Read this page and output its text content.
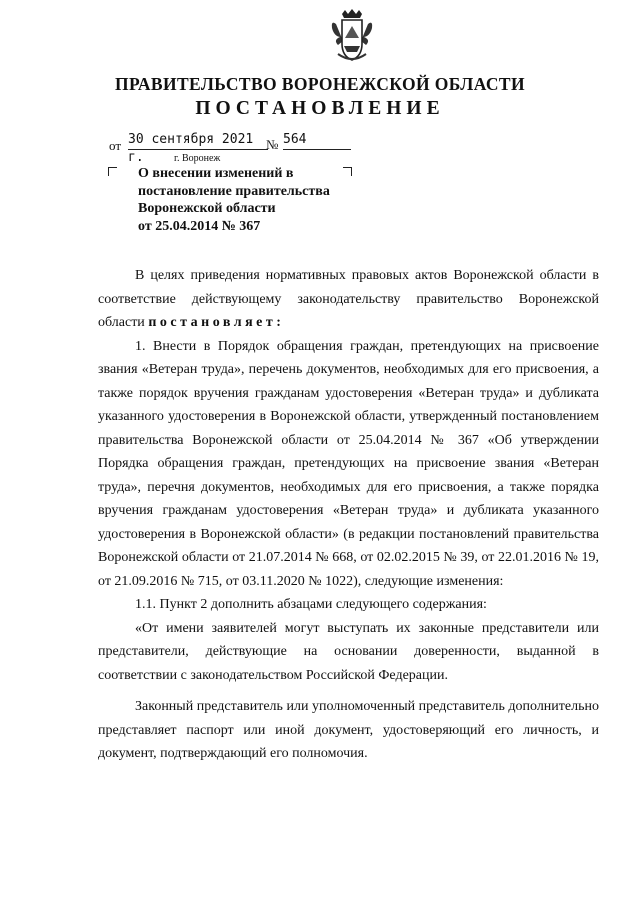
ПРАВИТЕЛЬСТВО ВОРОНЕЖСКОЙ ОБЛАСТИ
ПОСТАНОВЛЕНИЕ
от 30 сентября 2021 г.
№ 564
г. Воронеж
О внесении изменений в
постановление правительства
Воронежской области
от 25.04.2014 № 367

В целях приведения нормативных правовых актов Воронежской области в соответствие действующему законодательству правительство Воронежской области постановляет:

1. Внести в Порядок обращения граждан, претендующих на присвоение звания «Ветеран труда», перечень документов, необходимых для его присвоения, а также порядок вручения гражданам удостоверения «Ветеран труда» и дубликата указанного удостоверения в Воронежской области, утвержденный постановлением правительства Воронежской области от 25.04.2014 № 367 «Об утверждении Порядка обращения граждан, претендующих на присвоение звания «Ветеран труда», перечня документов, необходимых для его присвоения, а также порядка вручения гражданам удостоверения «Ветеран труда» и дубликата указанного удостоверения в Воронежской области» (в редакции постановлений правительства Воронежской области от 21.07.2014 № 668, от 02.02.2015 № 39, от 22.01.2016 № 19, от 21.09.2016 № 715, от 03.11.2020 № 1022), следующие изменения:

1.1. Пункт 2 дополнить абзацами следующего содержания:

«От имени заявителей могут выступать их законные представители или представители, действующие на основании доверенности, выданной в соответствии с законодательством Российской Федерации.

Законный представитель или уполномоченный представитель дополнительно представляет паспорт или иной документ, удостоверяющий его личность, и документ, подтверждающий его полномочия.
